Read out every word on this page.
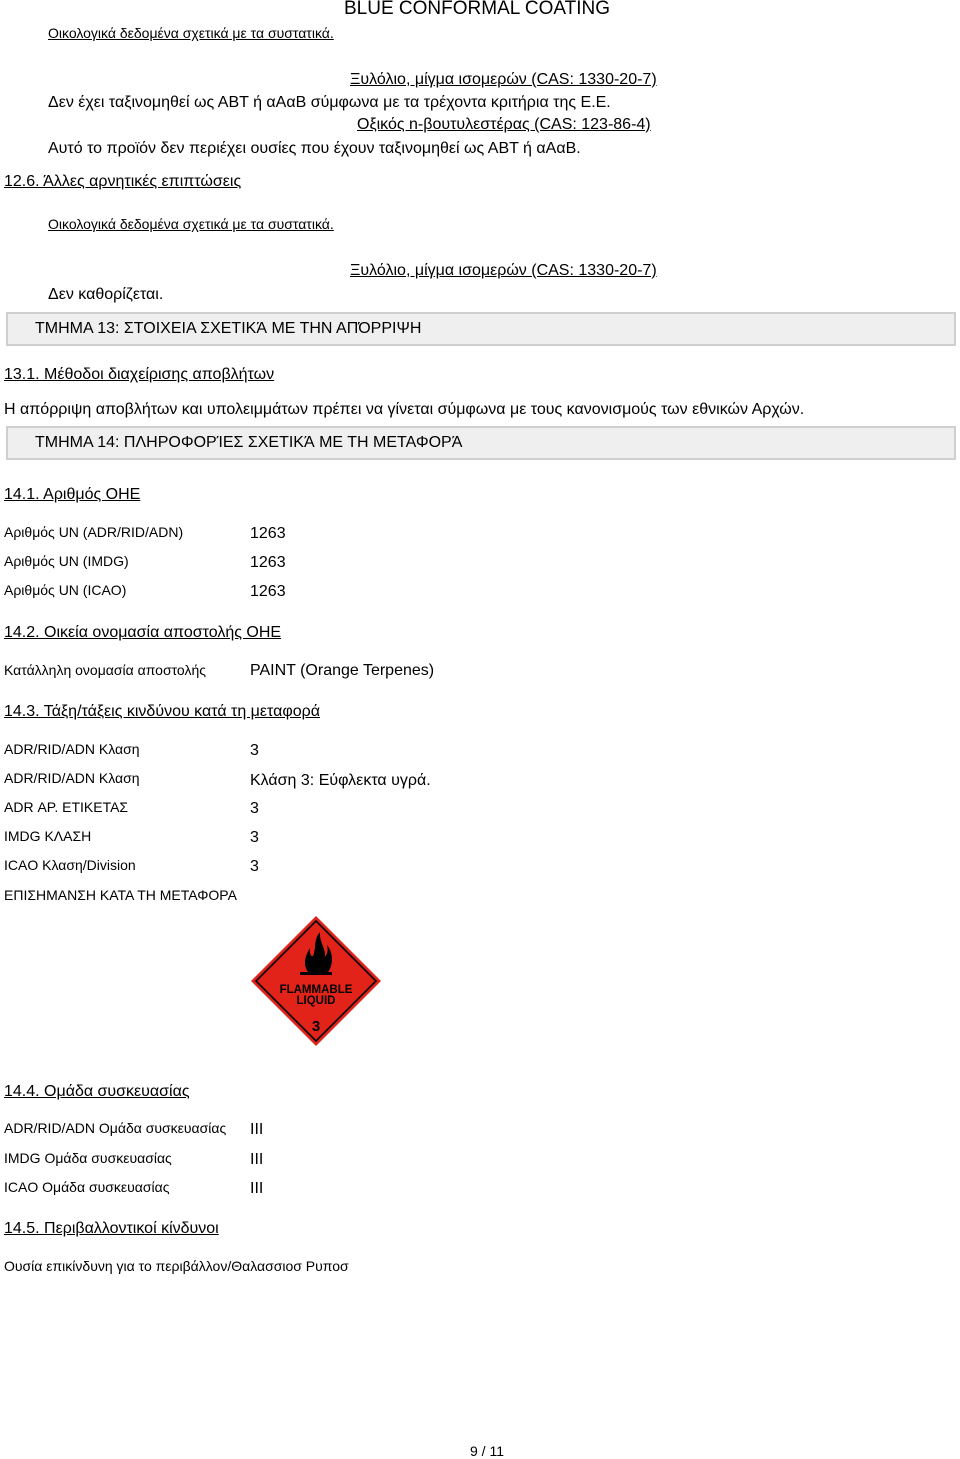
BLUE CONFORMAL COATING
Οικολογικά δεδομένα σχετικά με τα συστατικά.
Ξυλόλιο, μίγμα ισομερών (CAS: 1330-20-7)
Δεν έχει ταξινομηθεί ως ΑΒΤ ή αΑαΒ σύμφωνα με τα τρέχοντα κριτήρια της Ε.Ε.
Οξικός n-βουτυλεστέρας (CAS: 123-86-4)
Αυτό το προϊόν δεν περιέχει ουσίες που έχουν ταξινομηθεί ως ΑΒΤ ή αΑαΒ.
12.6. Άλλες αρνητικές επιπτώσεις
Οικολογικά δεδομένα σχετικά με τα συστατικά.
Ξυλόλιο, μίγμα ισομερών (CAS: 1330-20-7)
Δεν καθορίζεται.
ΤΜΗΜΑ 13: ΣΤΟΙΧΕΙΑ ΣΧΕΤΙΚΆ ΜΕ ΤΗΝ ΑΠΌΡΡΙΨΗ
13.1. Μέθοδοι διαχείρισης αποβλήτων
Η απόρριψη αποβλήτων και υπολειμμάτων πρέπει να γίνεται σύμφωνα με τους κανονισμούς των εθνικών Αρχών.
ΤΜΗΜΑ 14: ΠΛΗΡΟΦΟΡΊΕΣ ΣΧΕΤΙΚΆ ΜΕ ΤΗ ΜΕΤΑΦΟΡΆ
14.1. Αριθμός ΟΗΕ
Αριθμός UN (ADR/RID/ADN)	1263
Αριθμός UN (IMDG)	1263
Αριθμός UN (ICAO)	1263
14.2. Οικεία ονομασία αποστολής ΟΗΕ
Κατάλληλη ονομασία αποστολής	PAINT (Orange Terpenes)
14.3. Τάξη/τάξεις κινδύνου κατά τη μεταφορά
ADR/RID/ADN Κλαση	3
ADR/RID/ADN Κλαση	Κλάση 3: Εύφλεκτα υγρά.
ADR ΑΡ. ΕΤΙΚΕΤΑΣ	3
IMDG ΚΛΑΣΗ	3
ICAO Κλαση/Division	3
ΕΠΙΣΗΜΑΝΣΗ ΚΑΤΑ ΤΗ ΜΕΤΑΦΟΡΑ
FLAMMABLE
LIQUID
3
14.4. Ομάδα συσκευασίας
ADR/RID/ADN Ομάδα συσκευασίας III
IMDG Ομάδα συσκευασίας	III
ICAO Ομάδα συσκευασίας	III
14.5. Περιβαλλοντικοί κίνδυνοι
Ουσία επικίνδυνη για το περιβάλλον/Θαλασσιοσ Ρυποσ
9 / 11
